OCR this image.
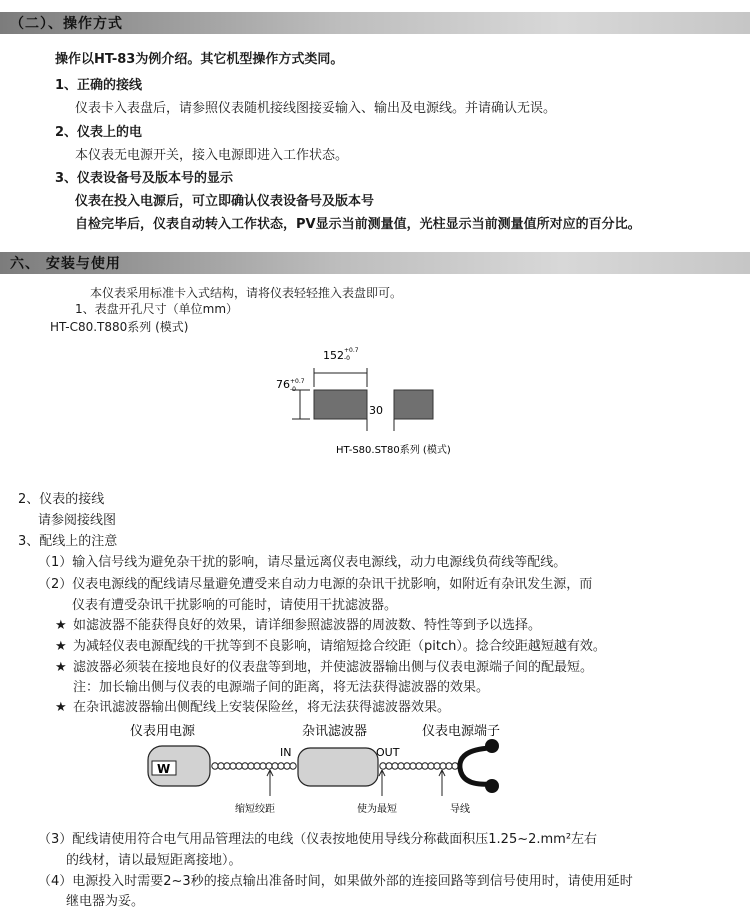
（二）、操作方式
操作以HT-83为例介绍。其它机型操作方式类同。
1、正确的接线
仪表卡入表盘后，请参照仪表随机接线图接妥输入、输出及电源线。并请确认无误。
2、仪表上的电
本仪表无电源开关，接入电源即进入工作状态。
3、仪表设备号及版本号的显示
仪表在投入电源后，可立即确认仪表设备号及版本号
自检完毕后，仪表自动转入工作状态，PV显示当前测量值，光柱显示当前测量值所对应的百分比。
六、 安装与使用
本仪表采用标准卡入式结构，请将仪表轻轻推入表盘即可。
1、表盘开孔尺寸（单位mm）
HT-C80.T880系列 (模式)
152 +0.7
-0
76 +0.7
-0
30
HT-S80.ST80系列 (模式)
2、仪表的接线
请参阅接线图
3、配线上的注意
（1）输入信号线为避免杂干扰的影响，请尽量远离仪表电源线，动力电源线负荷线等配线。
（2）仪表电源线的配线请尽量避免遭受来自动力电源的杂讯干扰影响，如附近有杂讯发生源，而
仪表有遭受杂讯干扰影响的可能时，请使用干扰滤波器。
★ 如滤波器不能获得良好的效果，请详细参照滤波器的周波数、特性等到予以选择。
★ 为减轻仪表电源配线的干扰等到不良影响，请缩短捻合绞距（pitch）。捻合绞距越短越有效。
★ 滤波器必须装在接地良好的仪表盘等到地，并使滤波器输出侧与仪表电源端子间的配最短。
注：加长输出侧与仪表的电源端子间的距离，将无法获得滤波器的效果。
★ 在杂讯滤波器输出侧配线上安装保险丝，将无法获得滤波器效果。
仪表用电源	杂讯滤波器	仪表电源端子
W
IN	OUT
缩短绞距	使为最短	导线
（3）配线请使用符合电气用品管理法的电线（仪表按地使用导线分称截面积压1.25~2.mm²左右
的线材，请以最短距离接地）。
（4）电源投入时需要2~3秒的接点输出准备时间，如果做外部的连接回路等到信号使用时，请使用延时
继电器为妥。
